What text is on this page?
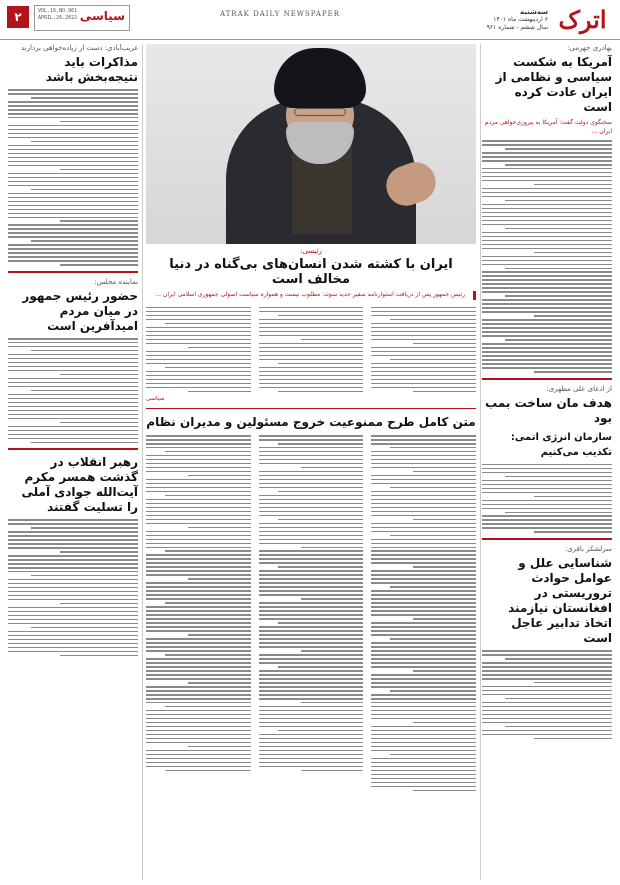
اترک
سه‌شنبه
۶ اردیبهشت ماه ۱۴۰۱
سال ششم - شماره ۹۶۱
ATRAK DAILY NEWSPAPER
سیاسی
VOL.16,NO.961
APRIL.26.2022
۲
بهادری جهرمی:
آمریکا به شکست سیاسی و نظامی از ایران عادت کرده است
سخنگوی دولت گفت: آمریکا به پیروزی‌خواهی مردم ایران ...
از ادعای علی مطهری:
هدف مان ساخت بمب بود
سازمان انرژی اتمی: تکذیب می‌کنیم
سرلشکر باقری:
شناسایی علل و عوامل حوادث تروریستی در افغانستان نیازمند اتخاذ تدابیر عاجل است
رئیسی:
ایران با کشته شدن انسان‌های بی‌گناه در دنیا مخالف است
رئیس جمهور پس از دریافت استوارنامه سفیر جدید سوئد: مطلوب نیست و همواره سیاست اصولی جمهوری اسلامی ایران ...
سیاسی
متن کامل طرح ممنوعیت خروج مسئولین و مدیران نظام
غریب‌آبادی: دست از زیاده‌خواهی بردارند
مذاکرات باید نتیجه‌بخش باشد
نماینده مجلس:
حضور رئیس جمهور در میان مردم امیدآفرین است
رهبر انقلاب در گذشت همسر مکرم آیت‌الله جوادی آملی را تسلیت گفتند
